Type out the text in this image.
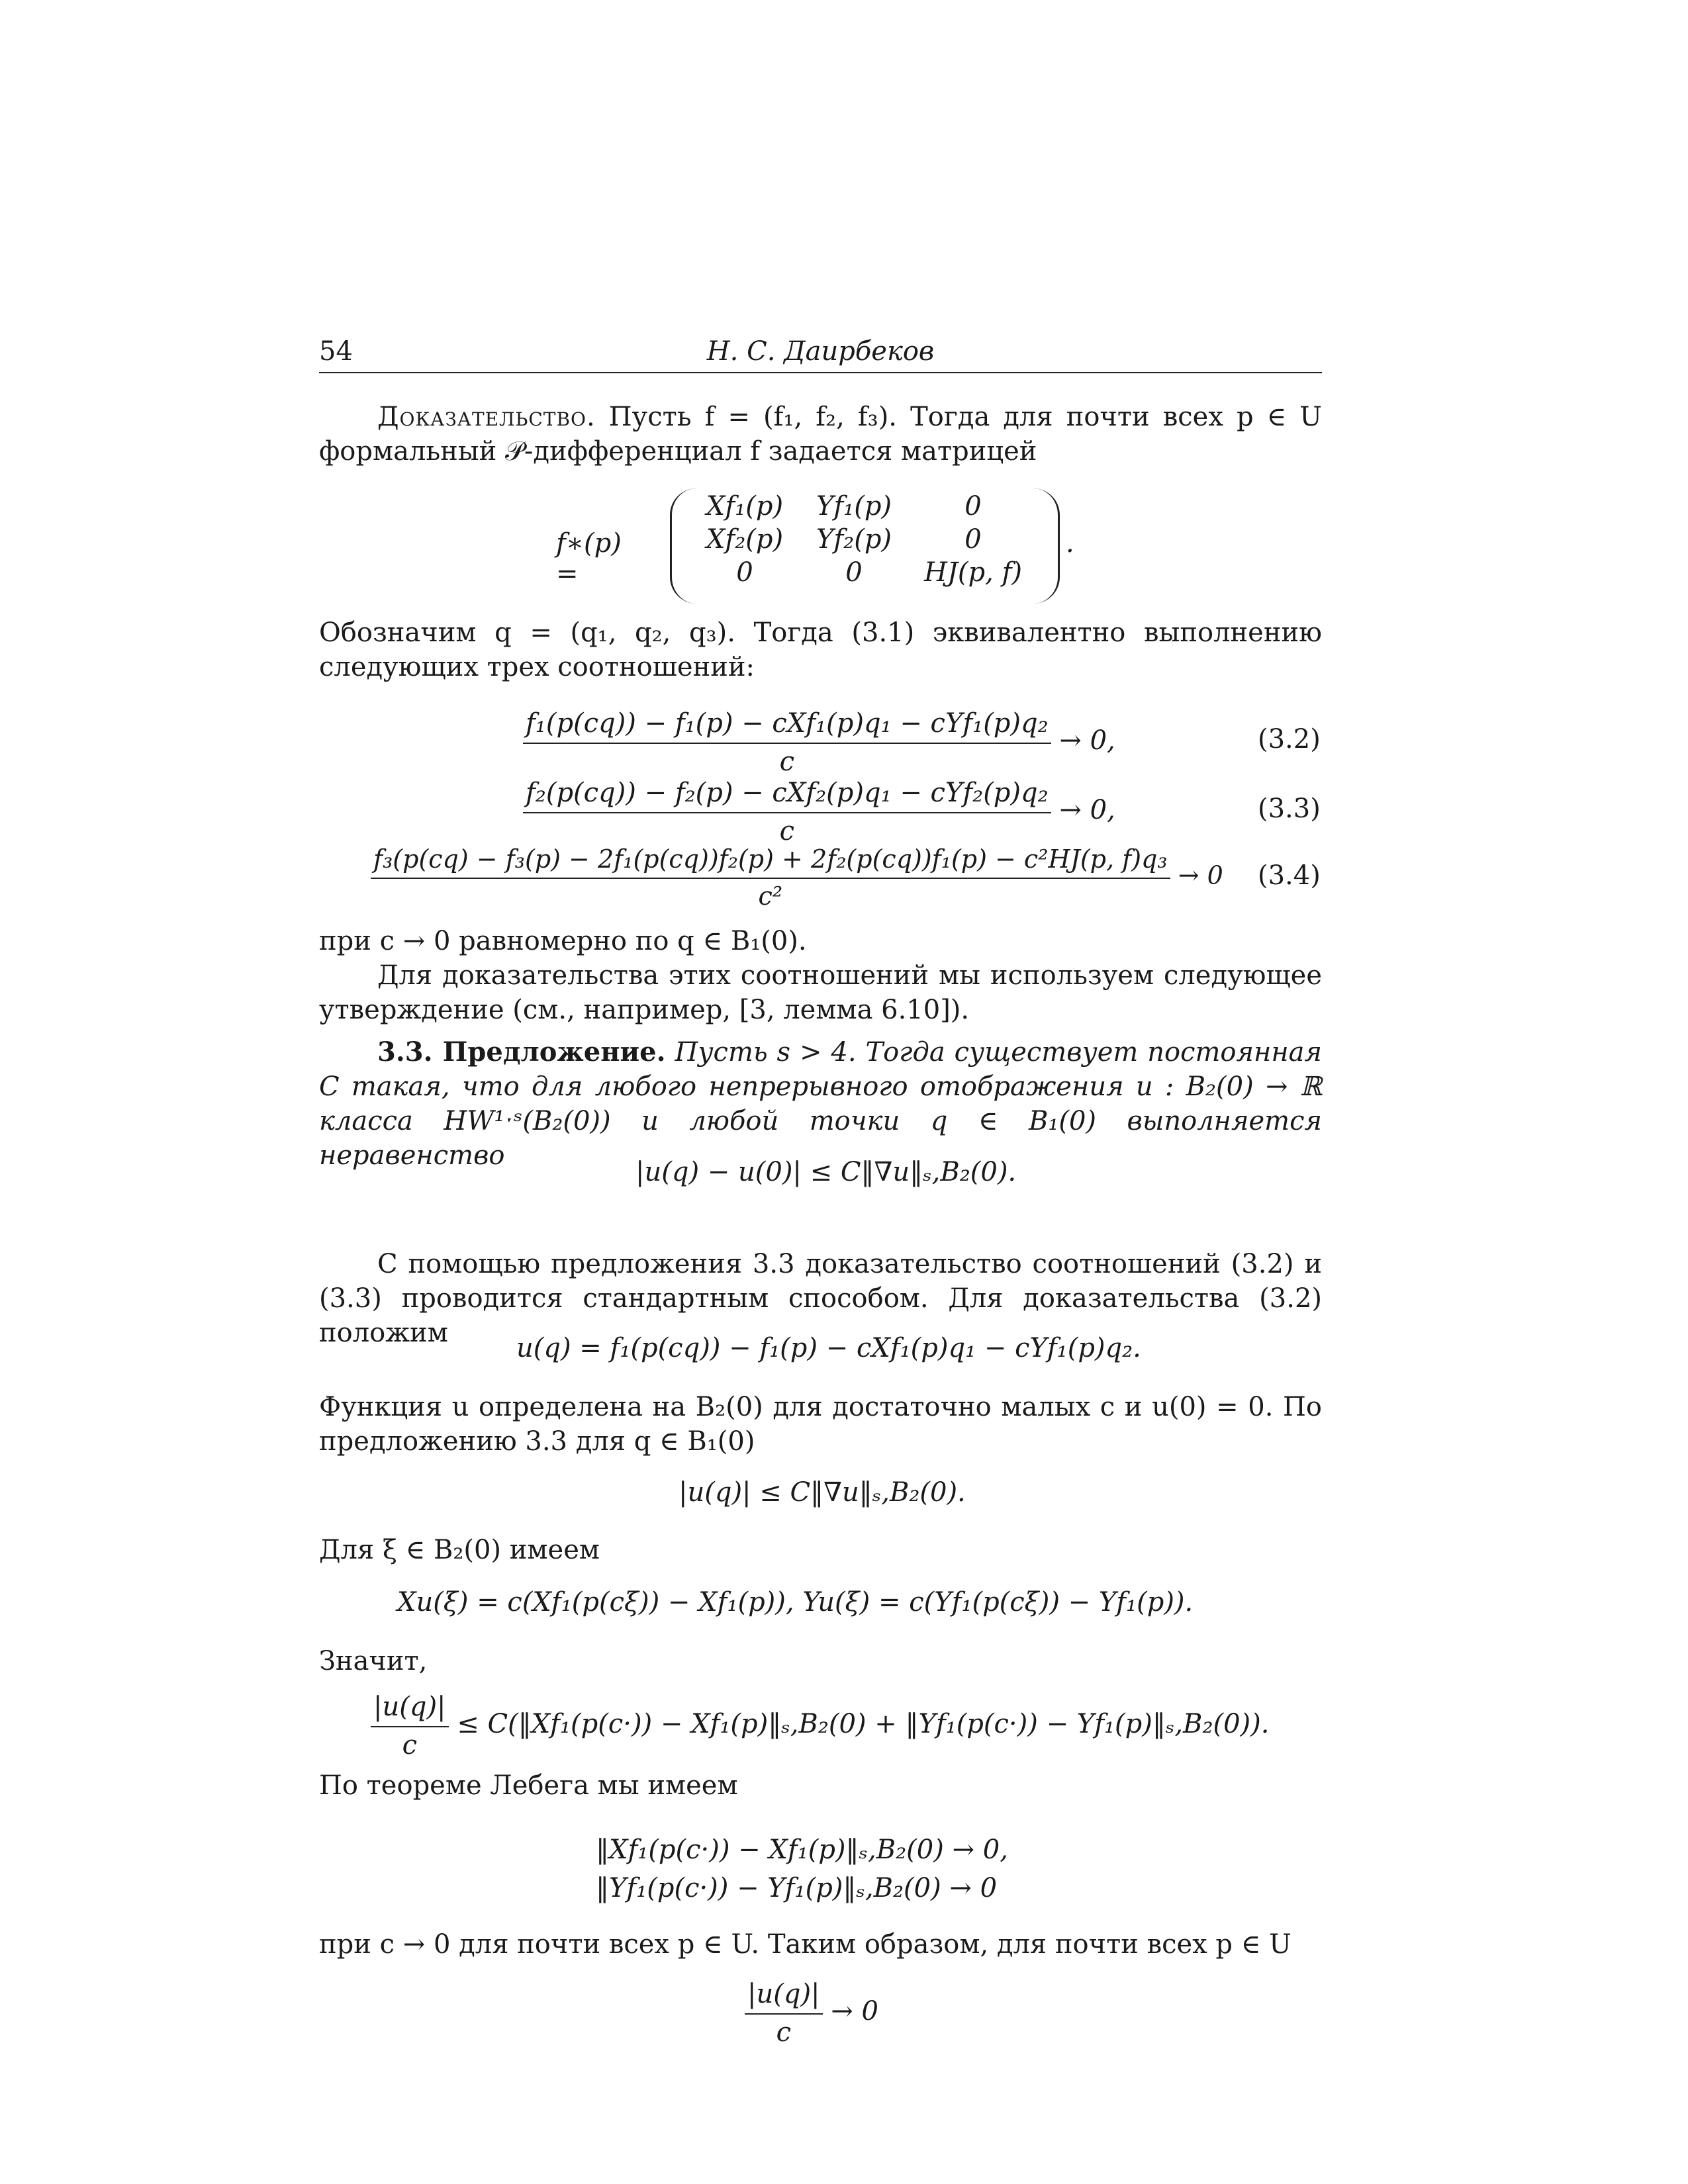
54	Н. С. Даирбеков
Доказательство. Пусть f = (f₁, f₂, f₃). Тогда для почти всех p ∈ U формальный 𝒫-дифференциал f задается матрицей
f∗(p) =
Xf₁(p)	Yf₁(p)	0
Xf₂(p)	Yf₂(p)	0
0	0	HJ(p, f)
.
Обозначим q = (q₁, q₂, q₃). Тогда (3.1) эквивалентно выполнению следующих трех соотношений:
$\frac{\text{f₁(p(cq)) − f₁(p) − cXf₁(p)q₁ − cYf₁(p)q₂}}{c} \to 0$,	(3.2)
$\frac{\text{f₂(p(cq)) − f₂(p) − cXf₂(p)q₁ − cYf₂(p)q₂}}{c} \to 0$,	(3.3)
f₃(p(cq) − f₃(p) − 2f₁(p(cq))f₂(p) + 2f₂(p(cq))f₁(p) − c²HJ(p, f)q₃
c²
→ 0 (3.4)
при c → 0 равномерно по q ∈ B₁(0).
Для доказательства этих соотношений мы используем следующее утверждение (см., например, [3, лемма 6.10]).
3.3. Предложение. Пусть s > 4. Тогда существует постоянная C такая, что для любого непрерывного отображения u : B₂(0) → ℝ класса HW¹ˑˢ(B₂(0)) и любой точки q ∈ B₁(0) выполняется неравенство
|u(q) − u(0)| ≤ C‖∇u‖ₛ,B₂(0).
С помощью предложения 3.3 доказательство соотношений (3.2) и (3.3) проводится стандартным способом. Для доказательства (3.2) положим	u(q) = f₁(p(cq)) − f₁(p) − cXf₁(p)q₁ − cYf₁(p)q₂.
Функция u определена на B₂(0) для достаточно малых c и u(0) = 0. По предложению 3.3 для q ∈ B₁(0)
|u(q)| ≤ C‖∇u‖ₛ,B₂(0).
Для ξ ∈ B₂(0) имеем
Xu(ξ) = c(Xf₁(p(cξ)) − Xf₁(p)), Yu(ξ) = c(Yf₁(p(cξ)) − Yf₁(p)).
Значит,
$\frac{|u(q)|}{c}$ ≤ C(‖Xf₁(p(c·)) − Xf₁(p)‖ₛ,B₂(0) + ‖Yf₁(p(c·)) − Yf₁(p)‖ₛ,B₂(0)).
По теореме Лебега мы имеем
‖Xf₁(p(c·)) − Xf₁(p)‖ₛ,B₂(0) → 0,
‖Yf₁(p(c·)) − Yf₁(p)‖ₛ,B₂(0) → 0
при c → 0 для почти всех p ∈ U. Таким образом, для почти всех p ∈ U
$\frac{|u(q)|}{c} \to 0$
